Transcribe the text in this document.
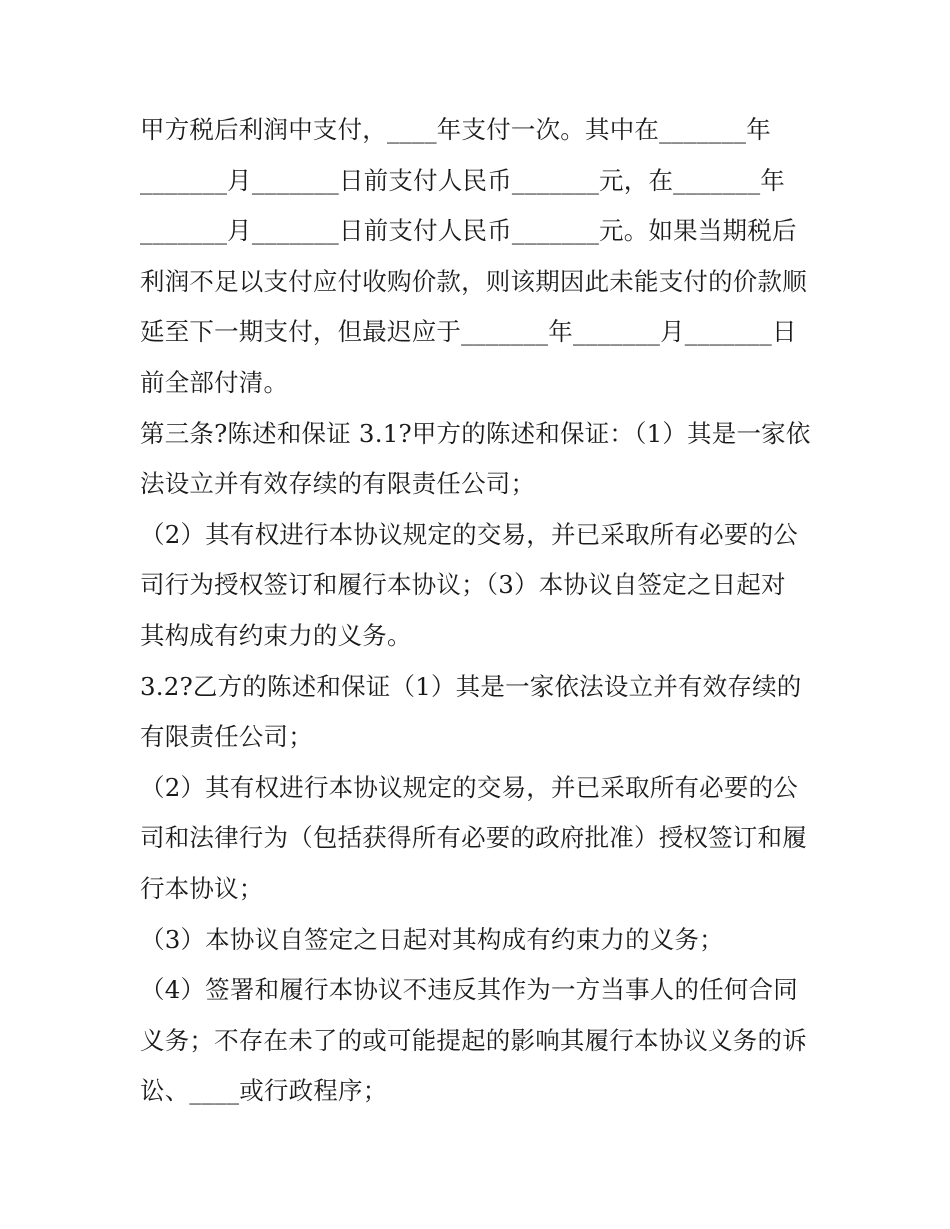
甲方税后利润中支付，____年支付一次。其中在_______年
_______月_______日前支付人民币_______元，在_______年
_______月_______日前支付人民币_______元。如果当期税后
利润不足以支付应付收购价款，则该期因此未能支付的价款顺
延至下一期支付，但最迟应于_______年_______月_______日
前全部付清。
第三条?陈述和保证 3.1?甲方的陈述和保证：（1）其是一家依
法设立并有效存续的有限责任公司；
（2）其有权进行本协议规定的交易，并已采取所有必要的公
司行为授权签订和履行本协议；（3）本协议自签定之日起对
其构成有约束力的义务。
3.2?乙方的陈述和保证（1）其是一家依法设立并有效存续的
有限责任公司；
（2）其有权进行本协议规定的交易，并已采取所有必要的公
司和法律行为（包括获得所有必要的政府批准）授权签订和履
行本协议；
（3）本协议自签定之日起对其构成有约束力的义务；
（4）签署和履行本协议不违反其作为一方当事人的任何合同
义务；不存在未了的或可能提起的影响其履行本协议义务的诉
讼、____或行政程序；
